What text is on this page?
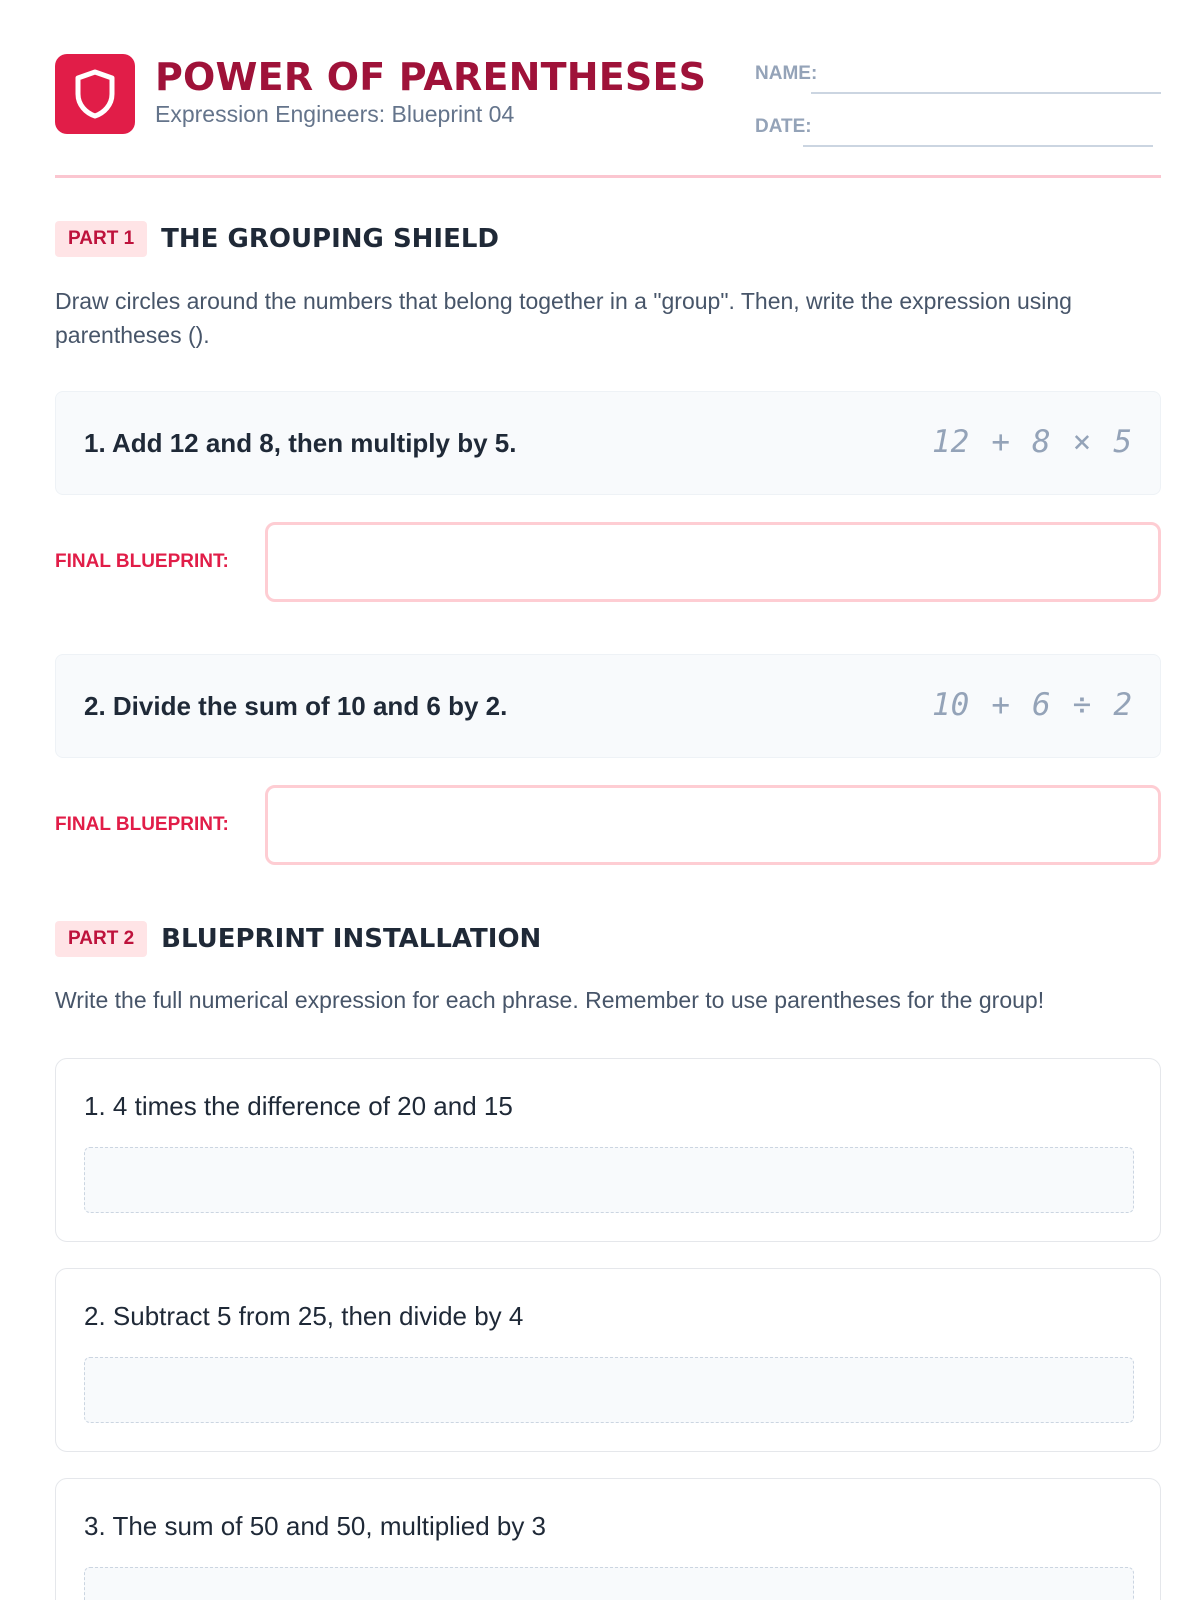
POWER OF PARENTHESES
Expression Engineers: Blueprint 04
NAME:
DATE:
PART 1	THE GROUPING SHIELD
Draw circles around the numbers that belong together in a "group". Then, write the expression using parentheses ().
1. Add 12 and 8, then multiply by 5.	12 + 8 × 5
FINAL BLUEPRINT:
2. Divide the sum of 10 and 6 by 2.	10 + 6 ÷ 2
FINAL BLUEPRINT:
PART 2	BLUEPRINT INSTALLATION
Write the full numerical expression for each phrase. Remember to use parentheses for the group!
1. 4 times the difference of 20 and 15
2. Subtract 5 from 25, then divide by 4
3. The sum of 50 and 50, multiplied by 3
